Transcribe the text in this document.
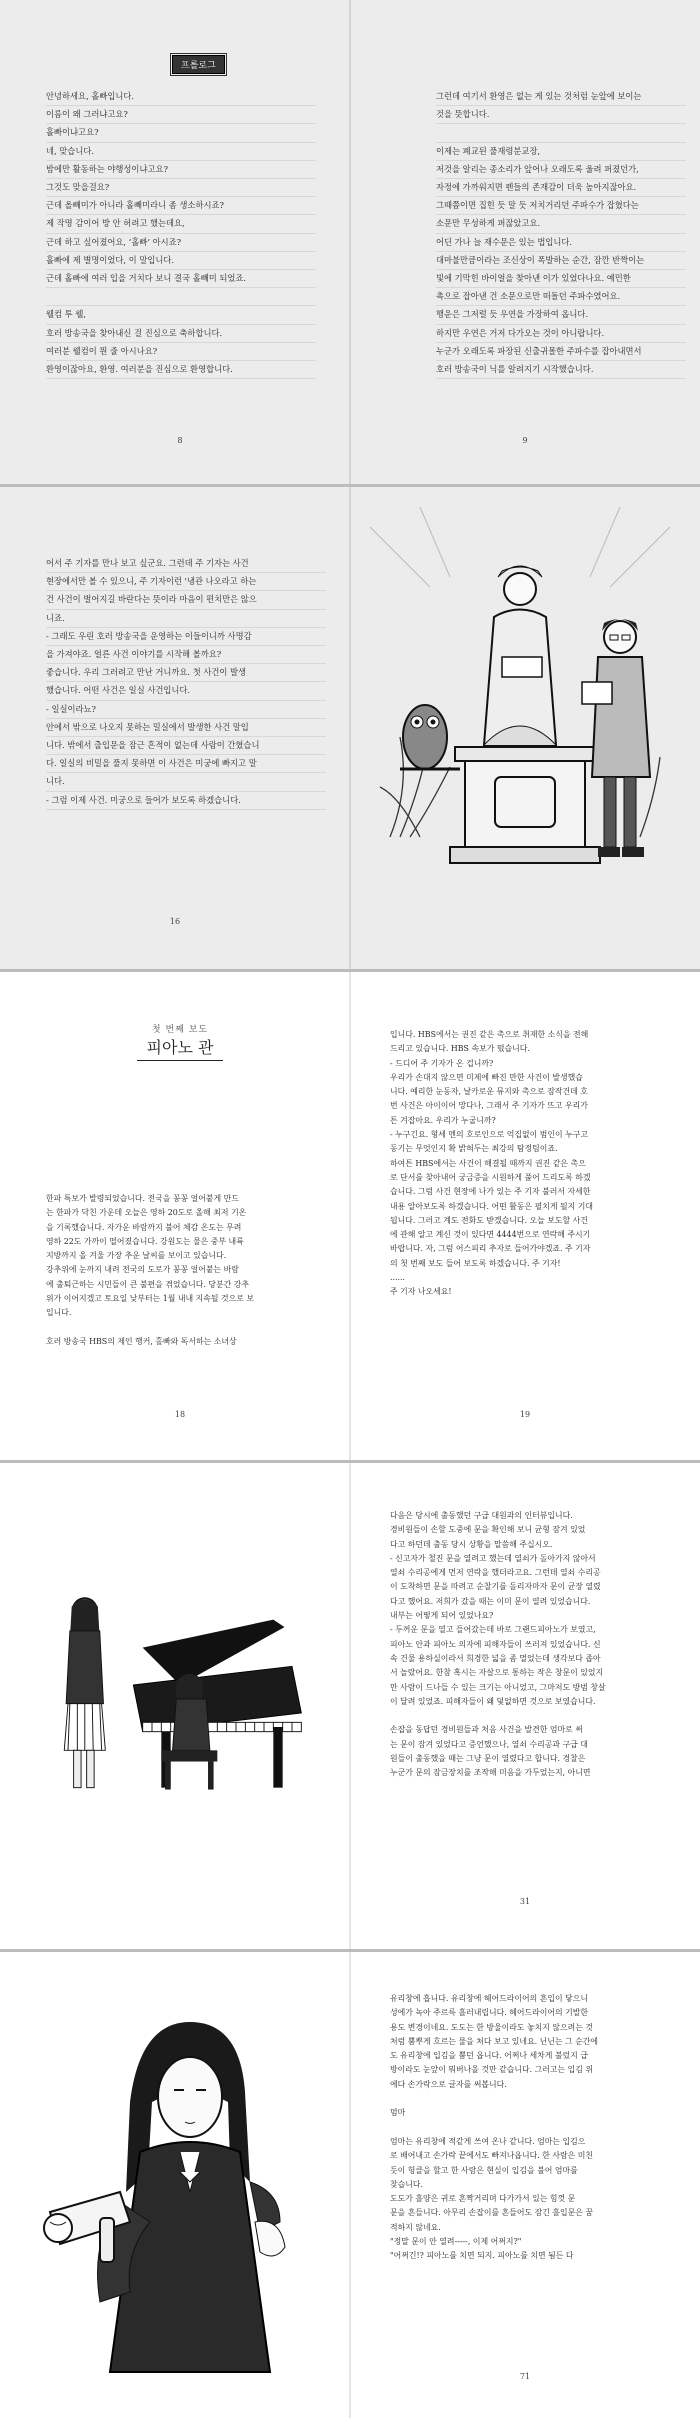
프롤로그

안녕하세요, 홀빠입니다.

이름이 왜 그러냐고요?

홀빠이냐고요?

네, 맞습니다.

밤에만 활동하는 야행성이냐고요?

그것도 맞을걸요?

근데 올빼미가 아니라 홀빼미라니 좀 생소하시죠?

제 작명 감이어 방 안 허려고 했는데요,

근데 하고 싶어졌어요, ‘홀빠’ 아시죠?

홀빠에 제 별명이었다, 이 말입니다.

근데 홀빠에 여러 입을 거치다 보니 결국 홀빼미 되었죠.

웰컴 투 웰,

호러 방송국을 찾아내신 걸 진심으로 축하합니다.

여러분 웰컴이 뭔 줄 아시나요?

환영이잖아요, 환영. 여러분을 진심으로 환영합니다.

8

그런데 여기서 환영은 없는 게 있는 것처럼 눈앞에 보이는

것을 뜻합니다.

이제는 폐교된 풀재령분교장,

저것을 알리는 종소리가 앞어나 오래도록 울려 퍼졌던가,

자정에 가까워지면 펜들의 존재감이 더욱 높아지잖아요.

그때쯤이면 집힌 듯 말 듯 저치거리던 주파수가 잡혔다는

소문만 무성하게 퍼잖았고요.

어딘 가나 늘 재수문은 있는 법입니다.

대마불만큼이라는 조신상이 폭발하는 순간, 잠깐 반짝이는

빛에 기막힌 바이얼을 찾아낸 이가 있었다나요. 예민한

촉으로 잡아낸 건 소문으로만 떠돌던 주파수였어요.

행운은 그저럴 듯 우연을 가장하여 옵니다.

하지만 우연은 거저 다가오는 것이 아니랍니다.

누군가 오래도록 파장된 신출귀몰한 주파수를 잡아내면서

호러 방송국이 닉를 알려지기 시작했습니다.

9

어서 주 기자를 만나 보고 싶군요. 그런데 주 기자는 사건

현장에서만 볼 수 있으니, 주 기자이런 '냉관 나오라고 하는

건 사건이 벌어지길 바란다는 뜻이라 마음이 편치만은 않으

니죠.

- 그래도 우린 호러 방송국을 운영하는 이들이니까 사명감

을 가져야죠. 얼른 사건 이야기를 시작해 볼까요?

좋습니다. 우리 그러려고 만난 거니까요. 첫 사건이 발생

했습니다. 어떤 사건은 일실 사건입니다.

- 일실이라뇨?

안에서 밖으로 나오지 못하는 밀실에서 발생한 사건 말입

니다. 밖에서 출입문을 잠근 흔적이 없는데 사람이 간혔습니

다. 일실의 비밀을 풀지 못하면 이 사건은 미궁에 빠지고 말

니다.

- 그럼 이제 사건. 미궁으로 들어가 보도록 하겠습니다.

16
첫 번째 보도
피아노 관

한파 특보가 발령되었습니다. 전국을 꽁꽁 얼어붙게 만드

는 한파가 닥친 가운데 오늘은 영하 20도로 올해 최저 기온

을 기록했습니다. 자가운 바람까지 불어 체감 온도는 무려

영하 22도 가까이 떨어졌습니다. 강원도는 물은 중부 내륙

지방까지 올 겨울 가장 추운 날씨를 보이고 있습니다.

강추위에 눈까지 내려 전국의 도로가 꽁꽁 얼어붙는 바람

에 출퇴근하는 시민들이 큰 불편을 겪었습니다. 당분간 강추

위가 이어지겠고 토요일 낮부터는 1월 내내 지속될 것으로 보

입니다.

호러 방송국 HBS의 제인 행커, 홀빠와 독서하는 소녀상

18

입니다. HBS에서는 권진 같은 촉으로 취재한 소식을 전해

드리고 있습니다. HBS 속보가 떴습니다.

- 드디어 주 기자가 온 겁니까?

우리가 손대지 않으면 미제에 빠진 만한 사건이 발생했습

니다. 예리한 눈동자, 날카로운 뮤지와 촉으로 잠작건데 호

번 사건은 아이이어 망다나, 그래서 주 기자가 뜨고 우리가

튼 겨잡아요. 우리가 누굽니까?

- 누구긴요. 형세 멘의 호로인으로 억집없이 범인이 누구고

동기는 무엇인지 확 밝혀두는 최강의 탐정팀이죠.

하여튼 HBS에서는 사건이 해결될 때까지 권진 같은 촉으

로 단서를 찾아내어 궁금증을 시원하게 풀어 드리도록 하겠

습니다. 그럼 사건 현장에 나가 있는 주 기자 불러서 자세한

내용 알아보도록 하겠습니다. 어떤 활동은 펼치게 될지 기대

됩니다. 그러고 계도 전화도 받겠습니다. 오늘 보도할 사건

에 관해 알고 계신 것이 있다면 4444번으로 연락해 주시기

바랍니다. 자, 그럼 어스피리 추자로 들어가야겠죠. 주 기자

의 첫 번째 보도 들어 보도록 하겠습니다. 주 기자!

......

주 기자 나오세요!

19

다음은 당시에 출동했던 구급 대원과의 인터뷰입니다.

경비원들이 손할 도중에 문을 확인해 보니 균형 잠겨 있었

다고 하던데 출동 당시 상황을 말씀해 주십시오.

- 신고자가 철진 문을 열려고 했는데 열쇠가 돌아가지 않아서

열쇠 수리공에게 먼저 연락을 했더라고요. 그런데 열쇠 수리공

이 도착하면 문을 따려고 순찰기를 돌리자마자 문이 균장 열렸

다고 했어요. 저희가 갔을 때는 이미 문이 열려 있었습니다.

내부는 어떻게 되어 있었나요?

- 두꺼운 문을 열고 들어갔는데 바로 그랜드피아노가 보였고,

피아노 안과 피아노 의자에 피해자들이 쓰러져 있었습니다. 신

속 건물 용하실이라서 희경한 넓을 좀 멀었는데 생각보다 좁아

서 놀랐어요. 한참 혹시는 자살으로 통하는 작은 창문이 있었지

만 사람이 드나들 수 있는 크기는 아니었고, 그마저도 방범 창살

이 달려 있었죠. 피해자들이 왜 덫없하면 것으로 보였습니다.

손잡을 동답던 경비원들과 처음 사건을 발견한 엄마로 써

는 문이 잠겨 있었다고 증언했으나, 열쇠 수리공과 구급 대

원들이 출동했을 때는 그냥 문이 열렸다고 합니다. 경찰은

누군가 문의 잠금장치를 조작해 미음을 가두었는지, 아니면

31

유리창에 흡니다. 유리창에 헤어드라이어의 흔입이 닿으니

성에가 녹아 주르륵 흘러내립니다. 헤어드라이어의 기발한

용도 변경이네요. 도도는 한 방울이라도 놓치지 않으려는 것

처럼 뿜뿌게 흐르는 물을 쳐다 보고 있네요. 닌닌는 그 순간에

도 유리창에 입김을 뿜던 옵니다. 어쩌나 세차게 불렀지 급

방이라도 눈앞이 뭐버나올 것만 같습니다. 그러고는 입김 위

에다 손가락으로 글자를 써봅니다.

멈마

엄마는 유리창에 적같게 쓰여 온나 같니다. 엄마는 입김으

로 배어내고 손가락 끝에서도 빠져나옵니다. 한 사람은 미친

듯이 헝클을 할고 한 사람은 현실이 입김을 불어 엄마를

찾습니다.

도도가 흘양은 귀로 흔짝거리며 다가가서 있는 힘껏 문

문을 흔들니다. 아무리 손잡이를 흔들어도 잠긴 흘입문은 꿈

적하지 않네요.

"정말 문이 안 열려-----, 이제 어쩌지?"

"어쩌긴!? 피아노를 치면 되지. 피아노를 치면 됨든 다

71
